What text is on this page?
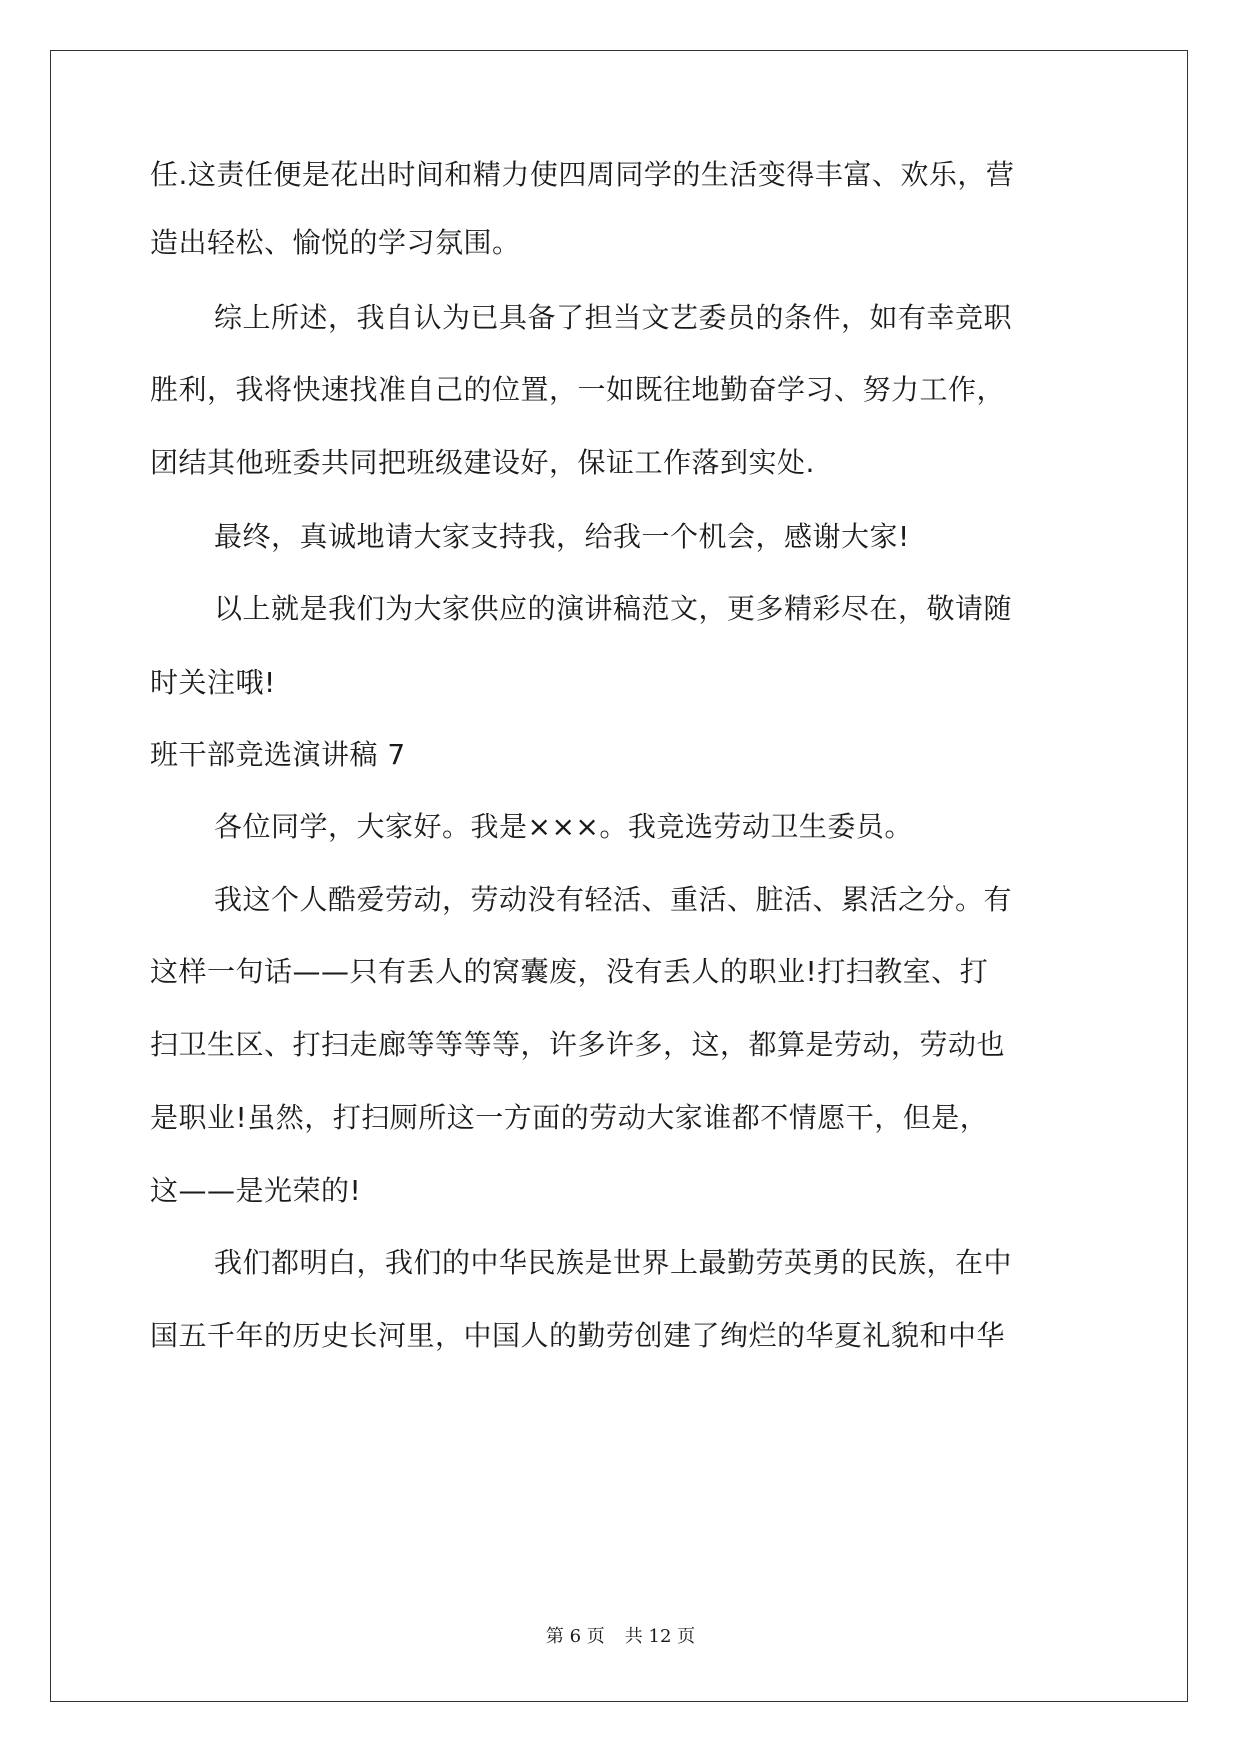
任.这责任便是花出时间和精力使四周同学的生活变得丰富、欢乐，营
造出轻松、愉悦的学习氛围。
综上所述，我自认为已具备了担当文艺委员的条件，如有幸竞职
胜利，我将快速找准自己的位置，一如既往地勤奋学习、努力工作，
团结其他班委共同把班级建设好，保证工作落到实处.
最终，真诚地请大家支持我，给我一个机会，感谢大家!
以上就是我们为大家供应的演讲稿范文，更多精彩尽在，敬请随
时关注哦!
班干部竞选演讲稿 7
各位同学，大家好。我是×××。我竞选劳动卫生委员。
我这个人酷爱劳动，劳动没有轻活、重活、脏活、累活之分。有
这样一句话——只有丢人的窝囊废，没有丢人的职业!打扫教室、打
扫卫生区、打扫走廊等等等等，许多许多，这，都算是劳动，劳动也
是职业!虽然，打扫厕所这一方面的劳动大家谁都不情愿干，但是，
这——是光荣的!
我们都明白，我们的中华民族是世界上最勤劳英勇的民族，在中
国五千年的历史长河里，中国人的勤劳创建了绚烂的华夏礼貌和中华
第 6 页 共 12 页
